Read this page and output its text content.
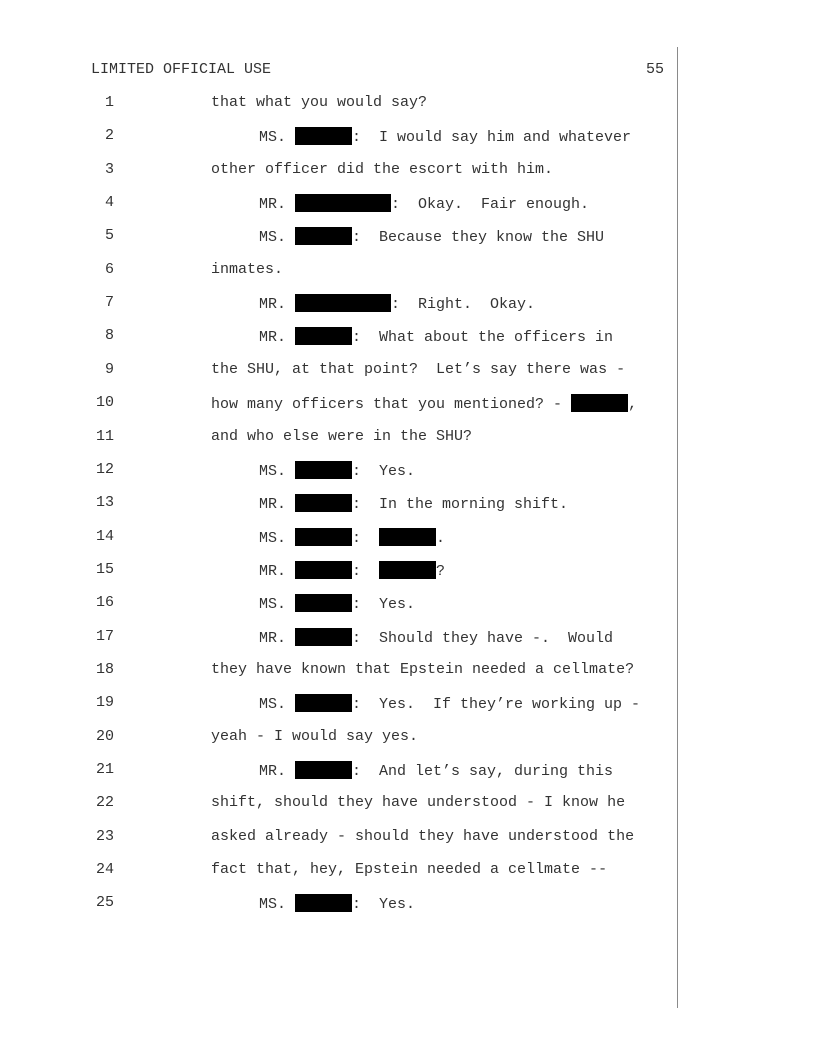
LIMITED OFFICIAL USE	55
1	that what you would say?
2	MS.	:  I would say him and whatever
3	other officer did the escort with him.
4	MR.	:  Okay.  Fair enough.
5	MS.	:  Because they know the SHU
6	inmates.
7	MR.	:  Right.  Okay.
8	MR.	:  What about the officers in
9	the SHU, at that point?  Let’s say there was -
10	how many officers that you mentioned? -	,
11	and who else were in the SHU?
12	MS.	:  Yes.
13	MR.	:  In the morning shift.
14	MS.	:	.
15	MR.	:	?
16	MS.	:  Yes.
17	MR.	:  Should they have -.  Would
18	they have known that Epstein needed a cellmate?
19	MS.	:  Yes.  If they’re working up -
20	yeah - I would say yes.
21	MR.	:  And let’s say, during this
22	shift, should they have understood - I know he
23	asked already - should they have understood the
24	fact that, hey, Epstein needed a cellmate --
25	MS.	:  Yes.
